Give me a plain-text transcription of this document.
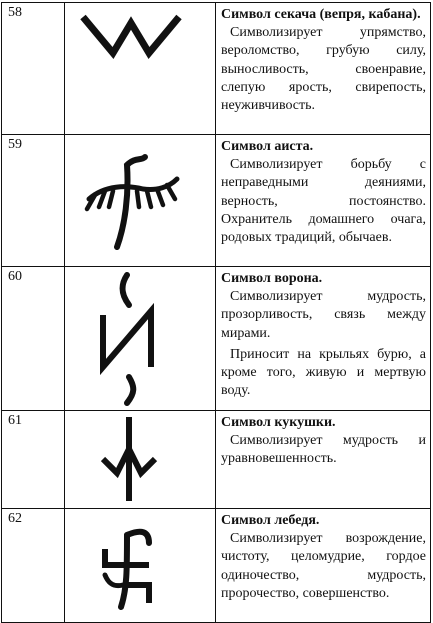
58		Символ секача (вепря, кабана).

Символизирует упрямство, вероломство, грубую силу, выносливость, своенравие, слепую ярость, свирепость, неуживчивость.

59		Символ аиста.

Символизирует борьбу с неправедными деяниями, верность, постоянство. Охранитель домашнего очага, родовых традиций, обычаев.

60		Символ ворона.

Символизирует мудрость, прозорливость, связь между мирами.

Приносит на крыльях бурю, а кроме того, живую и мертвую воду.

61		Символ кукушки.

Символизирует мудрость и уравновешенность.

62		Символ лебедя.

Символизирует возрождение, чистоту, целомудрие, гордое одиночество, мудрость, пророчество, совершенство.
